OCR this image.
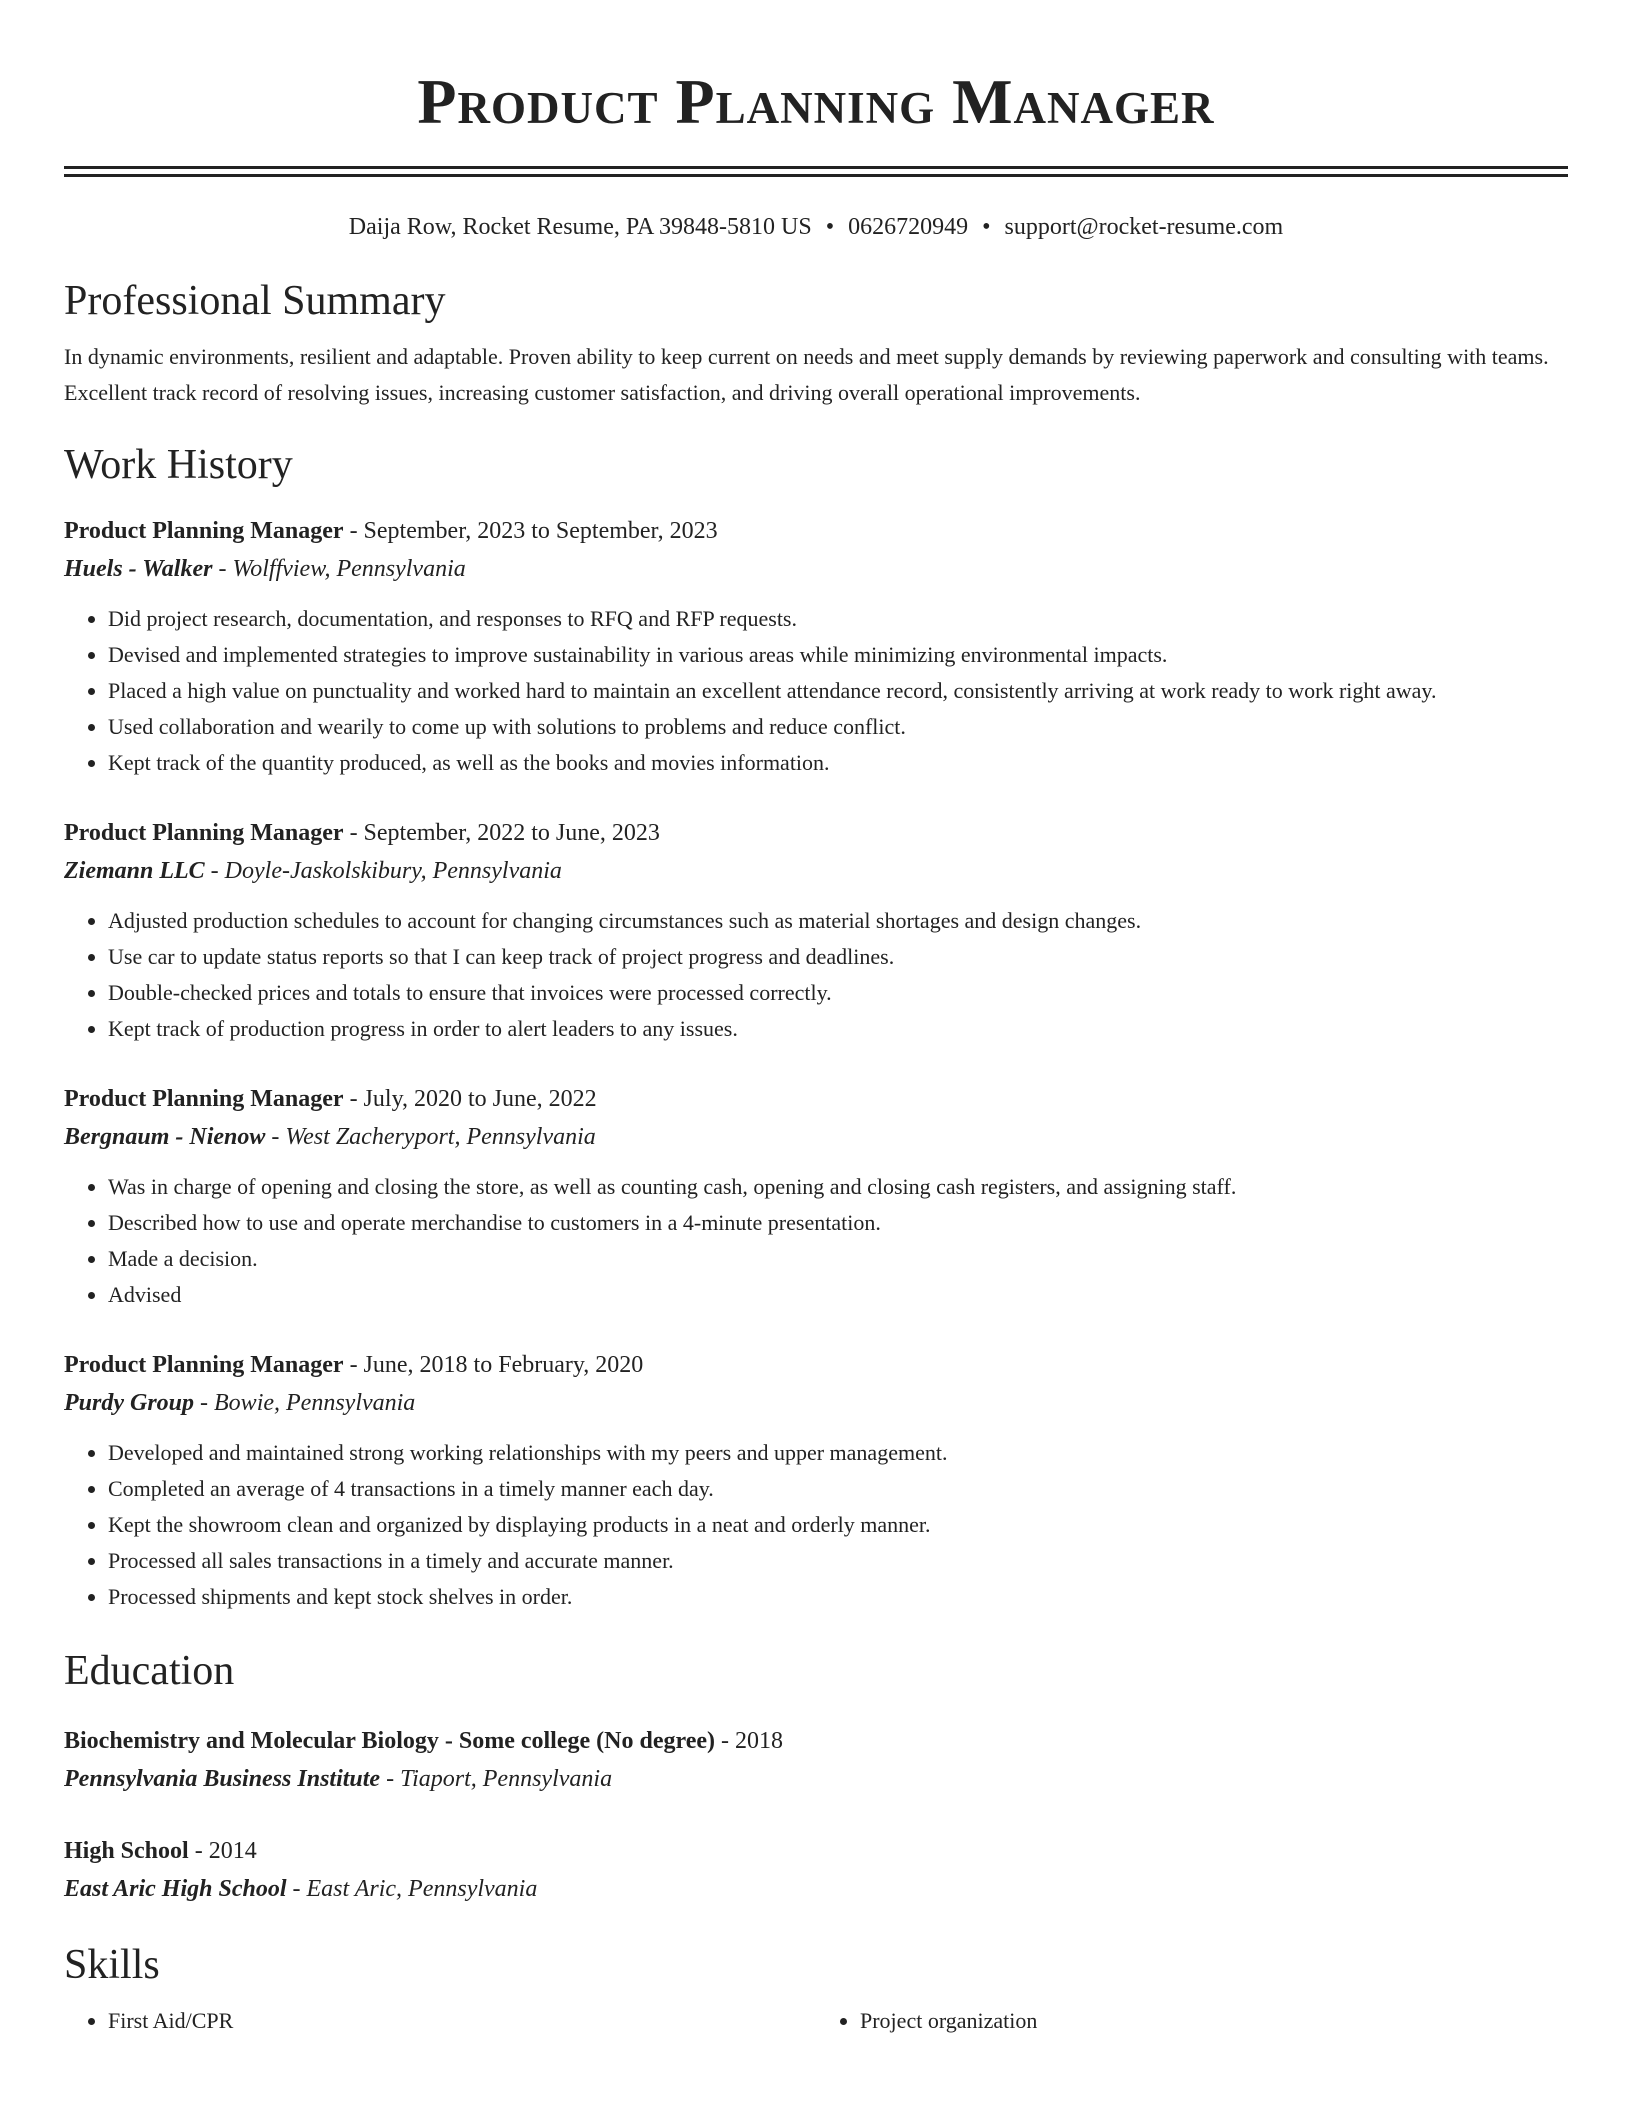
Product Planning Manager
Daija Row, Rocket Resume, PA 39848-5810 US • 0626720949 • support@rocket-resume.com
Professional Summary

In dynamic environments, resilient and adaptable. Proven ability to keep current on needs and meet supply demands by reviewing paperwork and consulting with teams. Excellent track record of resolving issues, increasing customer satisfaction, and driving overall operational improvements.

Work History
Product Planning Manager - September, 2023 to September, 2023
Huels - Walker - Wolffview, Pennsylvania
• Did project research, documentation, and responses to RFQ and RFP requests.
• Devised and implemented strategies to improve sustainability in various areas while minimizing environmental impacts.
• Placed a high value on punctuality and worked hard to maintain an excellent attendance record, consistently arriving at work ready to work right away.
• Used collaboration and wearily to come up with solutions to problems and reduce conflict.
• Kept track of the quantity produced, as well as the books and movies information.
Product Planning Manager - September, 2022 to June, 2023
Ziemann LLC - Doyle-Jaskolskibury, Pennsylvania
• Adjusted production schedules to account for changing circumstances such as material shortages and design changes.
• Use car to update status reports so that I can keep track of project progress and deadlines.
• Double-checked prices and totals to ensure that invoices were processed correctly.
• Kept track of production progress in order to alert leaders to any issues.
Product Planning Manager - July, 2020 to June, 2022
Bergnaum - Nienow - West Zacheryport, Pennsylvania
• Was in charge of opening and closing the store, as well as counting cash, opening and closing cash registers, and assigning staff.
• Described how to use and operate merchandise to customers in a 4-minute presentation.
• Made a decision.
• Advised
Product Planning Manager - June, 2018 to February, 2020
Purdy Group - Bowie, Pennsylvania
• Developed and maintained strong working relationships with my peers and upper management.
• Completed an average of 4 transactions in a timely manner each day.
• Kept the showroom clean and organized by displaying products in a neat and orderly manner.
• Processed all sales transactions in a timely and accurate manner.
• Processed shipments and kept stock shelves in order.
Education
Biochemistry and Molecular Biology - Some college (No degree) - 2018
Pennsylvania Business Institute - Tiaport, Pennsylvania
High School - 2014
East Aric High School - East Aric, Pennsylvania
Skills
• First Aid/CPR
•	Project organization
